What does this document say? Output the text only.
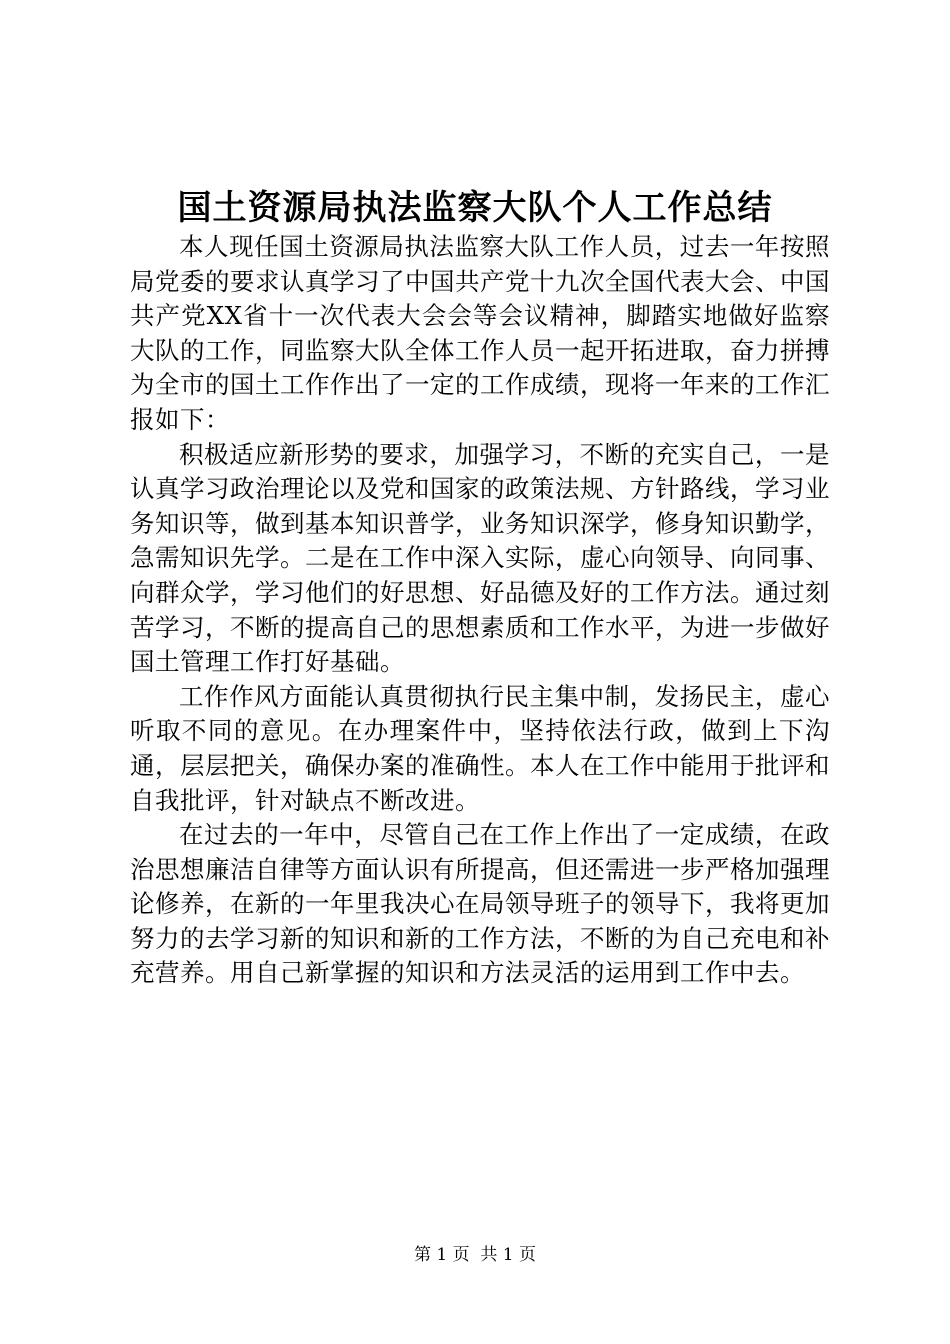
国土资源局执法监察大队个人工作总结

本人现任国土资源局执法监察大队工作人员，过去一年按照局党委的要求认真学习了中国共产党十九次全国代表大会、中国共产党XX省十一次代表大会会等会议精神，脚踏实地做好监察大队的工作，同监察大队全体工作人员一起开拓进取，奋力拼搏为全市的国土工作作出了一定的工作成绩，现将一年来的工作汇报如下：

积极适应新形势的要求，加强学习，不断的充实自己，一是认真学习政治理论以及党和国家的政策法规、方针路线，学习业务知识等，做到基本知识普学，业务知识深学，修身知识勤学，急需知识先学。二是在工作中深入实际，虚心向领导、向同事、向群众学，学习他们的好思想、好品德及好的工作方法。通过刻苦学习，不断的提高自己的思想素质和工作水平，为进一步做好国土管理工作打好基础。

工作作风方面能认真贯彻执行民主集中制，发扬民主，虚心听取不同的意见。在办理案件中，坚持依法行政，做到上下沟通，层层把关，确保办案的准确性。本人在工作中能用于批评和自我批评，针对缺点不断改进。

在过去的一年中，尽管自己在工作上作出了一定成绩，在政治思想廉洁自律等方面认识有所提高，但还需进一步严格加强理论修养，在新的一年里我决心在局领导班子的领导下，我将更加努力的去学习新的知识和新的工作方法，不断的为自己充电和补充营养。用自己新掌握的知识和方法灵活的运用到工作中去。

第 1 页  共 1 页
